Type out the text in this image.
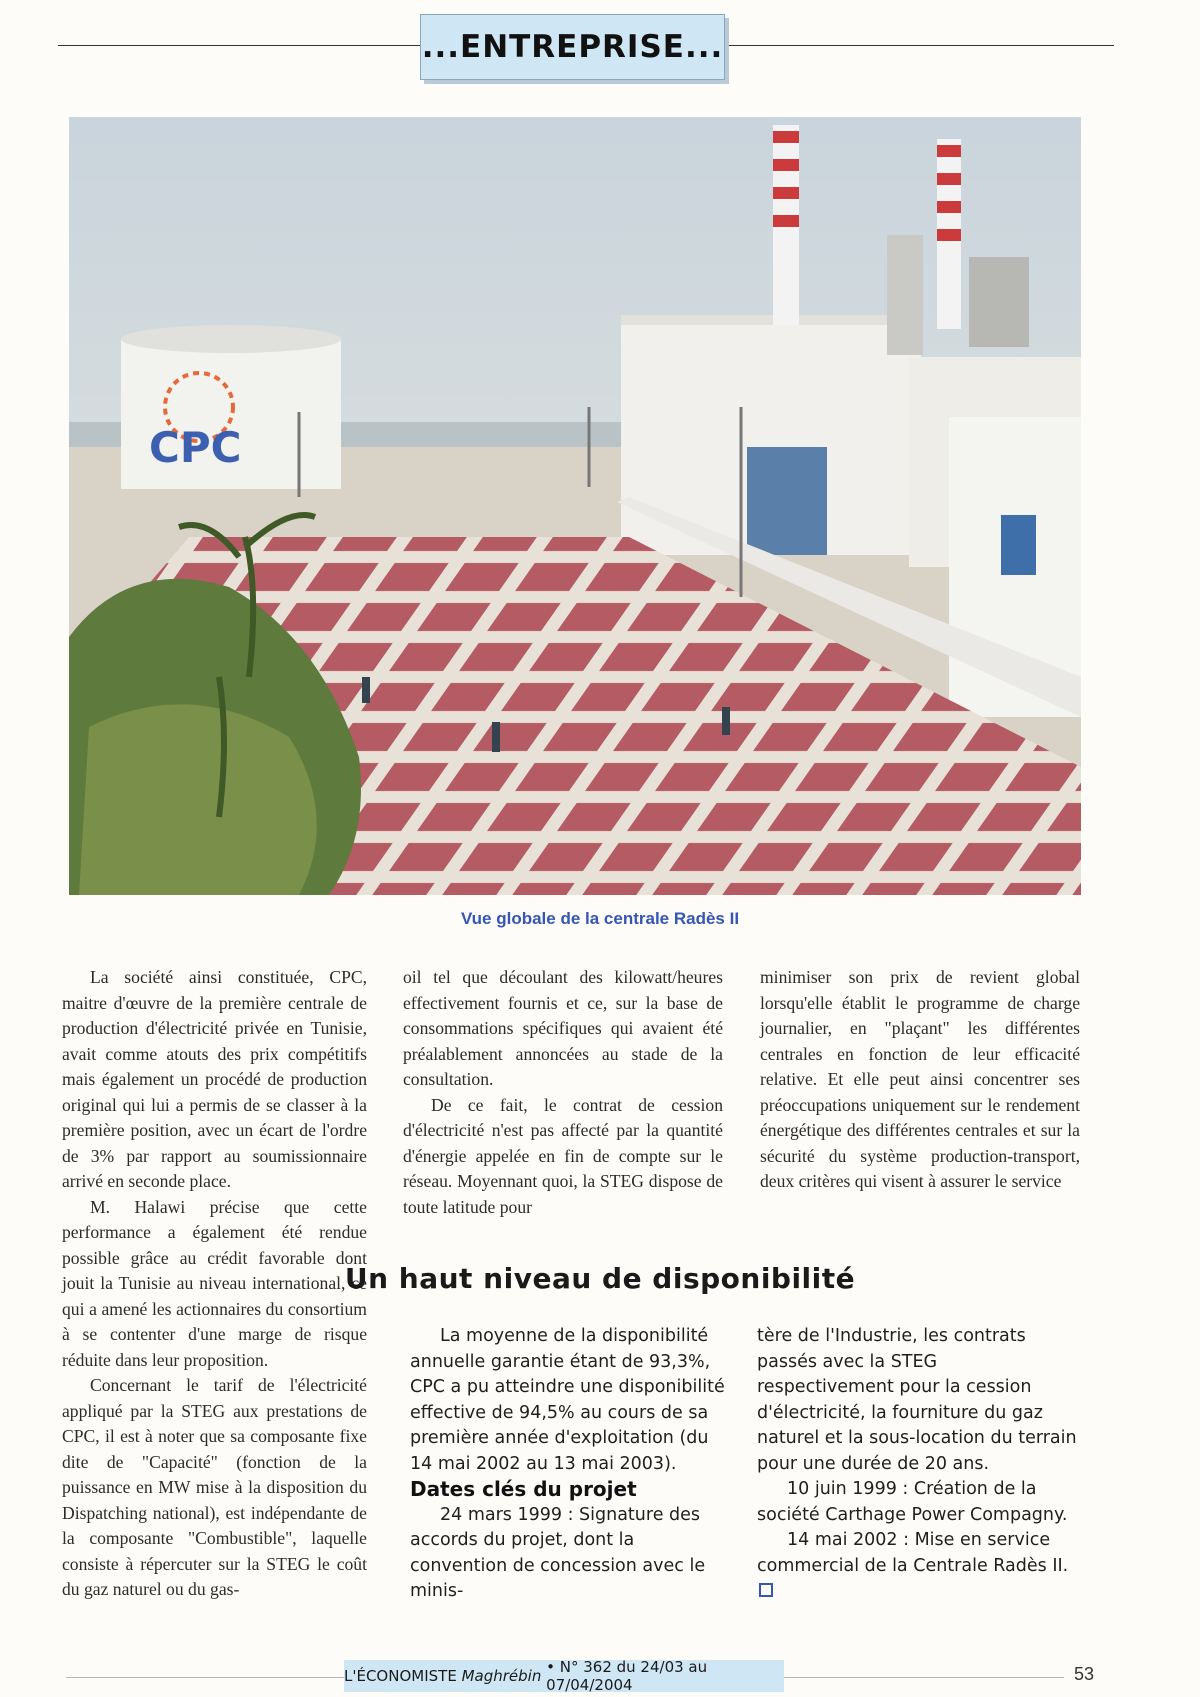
...ENTREPRISE...
CPC
Vue globale de la centrale Radès II

La société ainsi constituée, CPC, maitre d'œuvre de la première centrale de production d'électricité privée en Tunisie, avait comme atouts des prix compétitifs mais également un procédé de production original qui lui a permis de se classer à la première position, avec un écart de l'ordre de 3% par rapport au soumissionnaire arrivé en seconde place.

M. Halawi précise que cette performance a également été rendue possible grâce au crédit favorable dont jouit la Tunisie au niveau international, ce qui a amené les actionnaires du consortium à se contenter d'une marge de risque réduite dans leur proposition.

Concernant le tarif de l'électricité appliqué par la STEG aux prestations de CPC, il est à noter que sa composante fixe dite de "Capacité" (fonction de la puissance en MW mise à la disposition du Dispatching national), est indépendante de la composante "Combustible", laquelle consiste à répercuter sur la STEG le coût du gaz naturel ou du gas-

oil tel que découlant des kilowatt/heures effectivement fournis et ce, sur la base de consommations spécifiques qui avaient été préalablement annoncées au stade de la consultation.

De ce fait, le contrat de cession d'électricité n'est pas affecté par la quantité d'énergie appelée en fin de compte sur le réseau. Moyennant quoi, la STEG dispose de toute latitude pour

minimiser son prix de revient global lorsqu'elle établit le programme de charge journalier, en "plaçant" les différentes centrales en fonction de leur efficacité relative. Et elle peut ainsi concentrer ses préoccupations uniquement sur le rendement énergétique des différentes centrales et sur la sécurité du système production-transport, deux critères qui visent à assurer le service

Un haut niveau de disponibilité

La moyenne de la disponibilité annuelle garantie étant de 93,3%, CPC a pu atteindre une disponibilité effective de 94,5% au cours de sa première année d'exploitation (du 14 mai 2002 au 13 mai 2003).

Dates clés du projet

24 mars 1999 : Signature des accords du projet, dont la convention de concession avec le minis-

tère de l'Industrie, les contrats passés avec la STEG respectivement pour la cession d'électricité, la fourniture du gaz naturel et la sous-location du terrain pour une durée de 20 ans.

10 juin 1999 : Création de la société Carthage Power Compagny.

14 mai 2002 : Mise en service commercial de la Centrale Radès II.

L'ÉCONOMISTE
Maghrébin
• N° 362 du 24/03 au 07/04/2004
53
